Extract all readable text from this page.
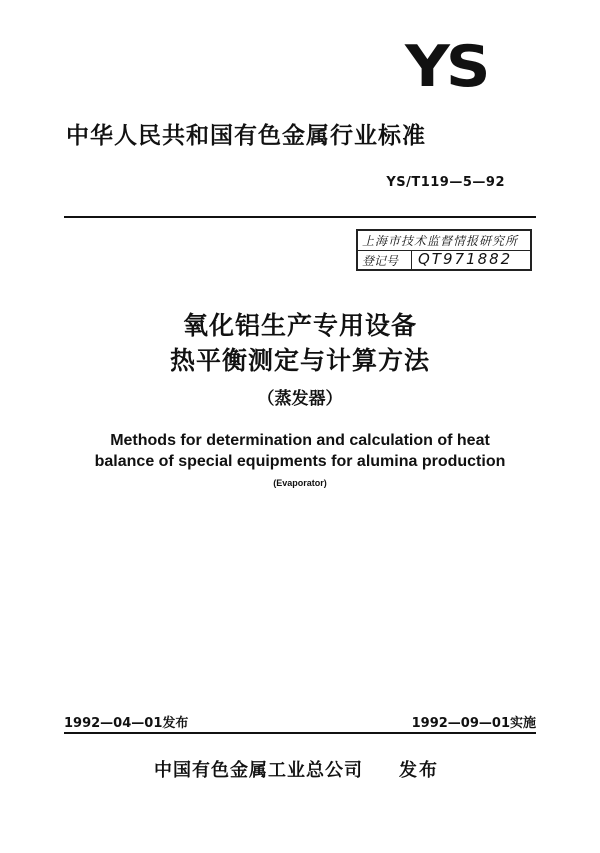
YS
中华人民共和国有色金属行业标准
YS/T119—5—92
上海市技术监督情报研究所
登记号 QT971882
氧化铝生产专用设备
热平衡测定与计算方法
（蒸发器）
Methods for determination and calculation of heat
balance of special equipments for alumina production
(Evaporator)
1992—04—01发布	1992—09—01实施
中国有色金属工业总公司 发布
